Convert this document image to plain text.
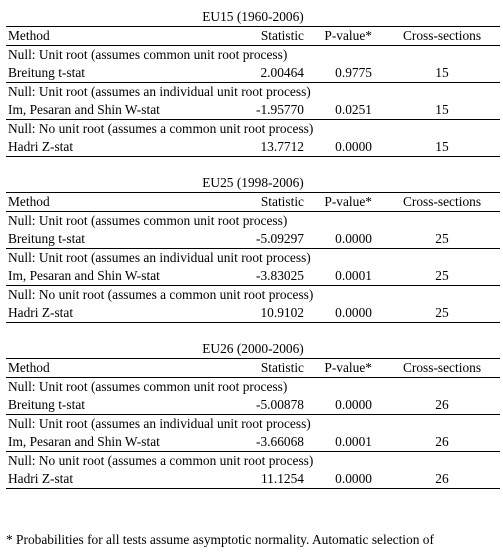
EU15 (1960-2006)
Method	Statistic	P-value*	Cross-sections
Null: Unit root (assumes common unit root process)
Breitung t-stat	2.00464	0.9775	15
Null: Unit root (assumes an individual unit root process)
Im, Pesaran and Shin W-stat	-1.95770	0.0251	15
Null: No unit root (assumes a common unit root process)
Hadri Z-stat	13.7712	0.0000	15
EU25 (1998-2006)
Method	Statistic	P-value*	Cross-sections
Null: Unit root (assumes common unit root process)
Breitung t-stat	-5.09297	0.0000	25
Null: Unit root (assumes an individual unit root process)
Im, Pesaran and Shin W-stat	-3.83025	0.0001	25
Null: No unit root (assumes a common unit root process)
Hadri Z-stat	10.9102	0.0000	25
EU26 (2000-2006)
Method	Statistic	P-value*	Cross-sections
Null: Unit root (assumes common unit root process)
Breitung t-stat	-5.00878	0.0000	26
Null: Unit root (assumes an individual unit root process)
Im, Pesaran and Shin W-stat	-3.66068	0.0001	26
Null: No unit root (assumes a common unit root process)
Hadri Z-stat	11.1254	0.0000	26
* Probabilities for all tests assume asymptotic normality. Automatic selection of
